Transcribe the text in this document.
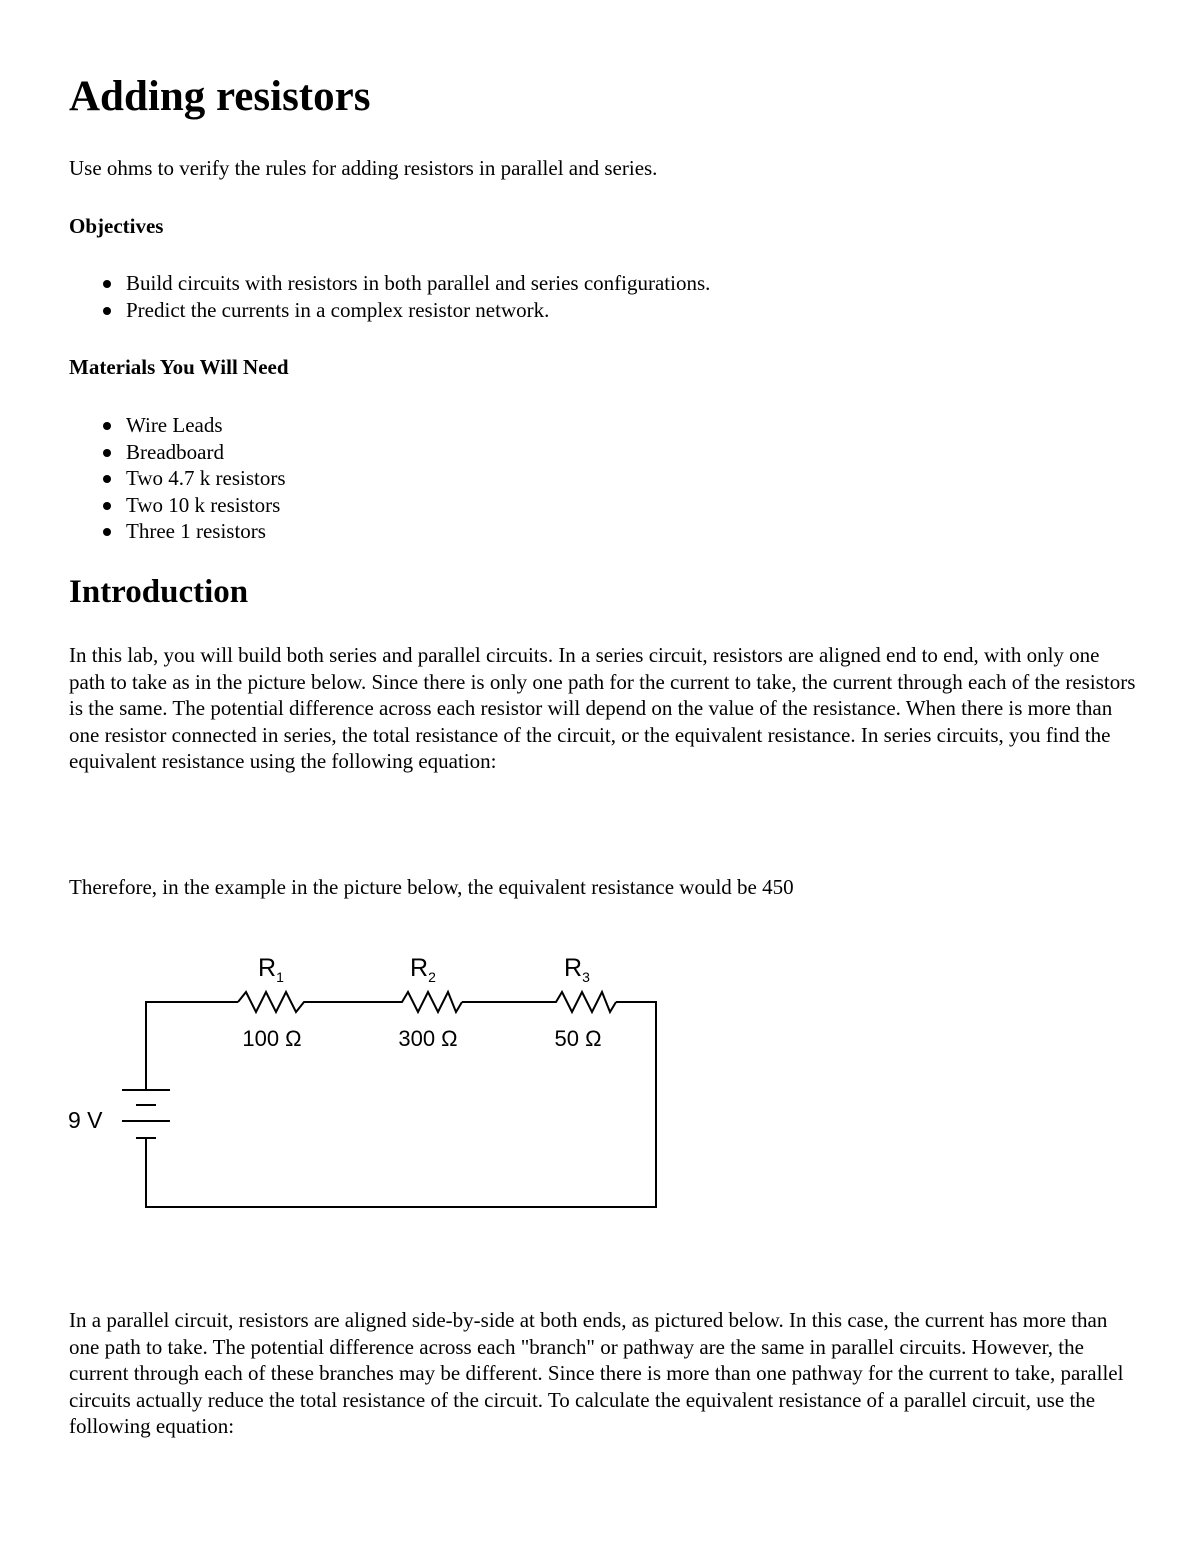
Adding resistors

Use ohms to verify the rules for adding resistors in parallel and series.

Objectives
Build circuits with resistors in both parallel and series configurations.
Predict the currents in a complex resistor network.
Materials You Will Need
Wire Leads
Breadboard
Two 4.7 k resistors
Two 10 k resistors
Three 1 resistors
Introduction

In this lab, you will build both series and parallel circuits. In a series circuit, resistors are aligned end to end, with only one path to take as in the picture below. Since there is only one path for the current to take, the current through each of the resistors is the same. The potential difference across each resistor will depend on the value of the resistance. When there is more than one resistor connected in series, the total resistance of the circuit, or the equivalent resistance. In series circuits, you find the equivalent resistance using the following equation:

Therefore, in the example in the picture below, the equivalent resistance would be 450

In a parallel circuit, resistors are aligned side-by-side at both ends, as pictured below. In this case, the current has more than one path to take. The potential difference across each "branch" or pathway are the same in parallel circuits. However, the current through each of these branches may be different. Since there is more than one pathway for the current to take, parallel circuits actually reduce the total resistance of the circuit. To calculate the equivalent resistance of a parallel circuit, use the following equation:

$R_1$	$R_2$	$R_3$
100 Ω	300 Ω	50 Ω
9 V
